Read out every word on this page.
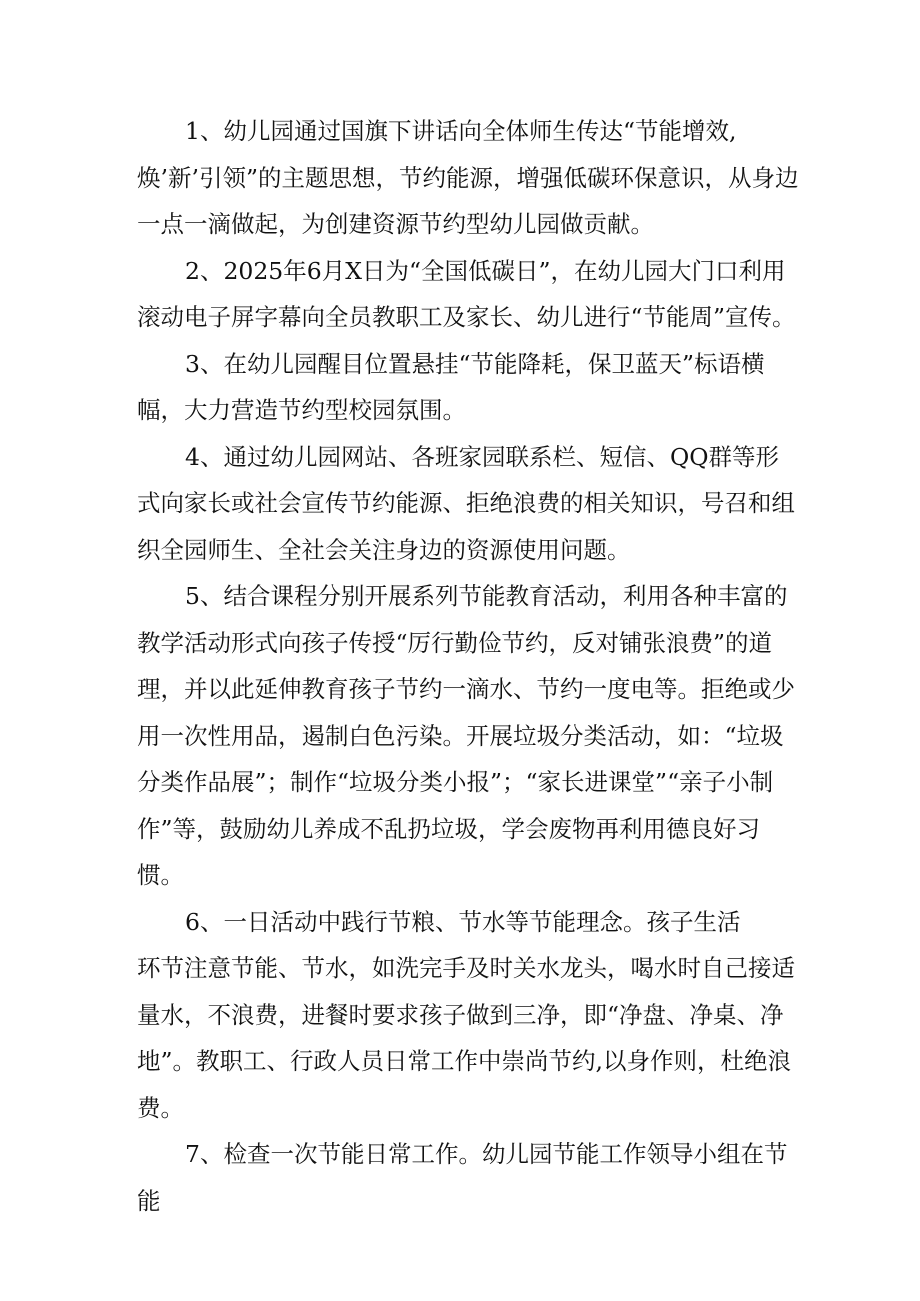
1、幼儿园通过国旗下讲话向全体师生传达“节能增效,焕’新’引领”的主题思想，节约能源，增强低碳环保意识，从身边一点一滴做起，为创建资源节约型幼儿园做贡献。

2、2025年6月X日为“全国低碳日”，在幼儿园大门口利用滚动电子屏字幕向全员教职工及家长、幼儿进行“节能周”宣传。

3、在幼儿园醒目位置悬挂“节能降耗，保卫蓝天”标语横幅，大力营造节约型校园氛围。

4、通过幼儿园网站、各班家园联系栏、短信、QQ群等形式向家长或社会宣传节约能源、拒绝浪费的相关知识，号召和组织全园师生、全社会关注身边的资源使用问题。

5、结合课程分别开展系列节能教育活动，利用各种丰富的教学活动形式向孩子传授“厉行勤俭节约，反对铺张浪费”的道理，并以此延伸教育孩子节约一滴水、节约一度电等。拒绝或少用一次性用品，遏制白色污染。开展垃圾分类活动，如：“垃圾分类作品展”；制作“垃圾分类小报”；“家长进课堂”“亲子小制作”等，鼓励幼儿养成不乱扔垃圾，学会废物再利用德良好习惯。

6、一日活动中践行节粮、节水等节能理念。孩子生活
环节注意节能、节水，如洗完手及时关水龙头，喝水时自己接适量水，不浪费，进餐时要求孩子做到三净，即“净盘、净桌、净地”。教职工、行政人员日常工作中崇尚节约,以身作则，杜绝浪费。

7、检查一次节能日常工作。幼儿园节能工作领导小组在节能
